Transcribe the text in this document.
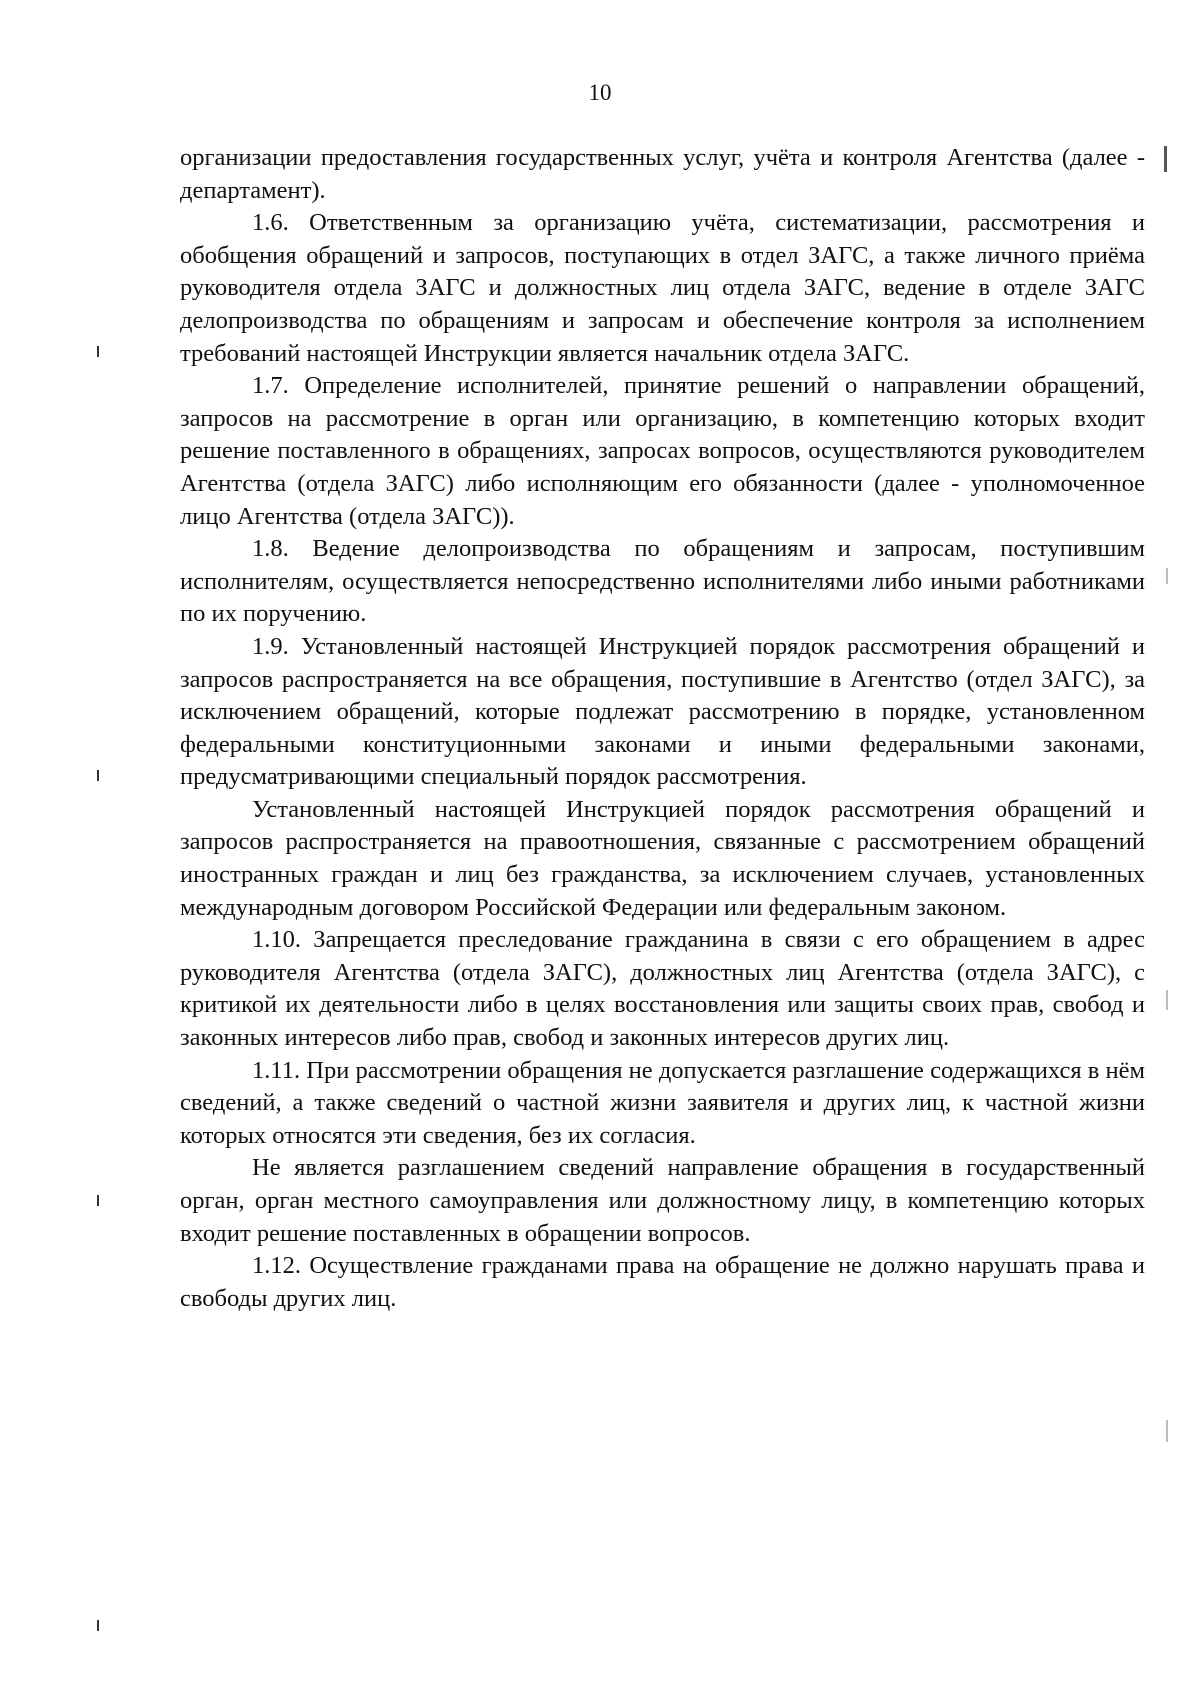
10

организации предоставления государственных услуг, учёта и контроля Агентства (далее - департамент).

1.6. Ответственным за организацию учёта, систематизации, рассмотрения и обобщения обращений и запросов, поступающих в отдел ЗАГС, а также личного приёма руководителя отдела ЗАГС и должностных лиц отдела ЗАГС, ведение в отделе ЗАГС делопроизводства по обращениям и запросам и обеспечение контроля за исполнением требований настоящей Инструкции является начальник отдела ЗАГС.

1.7. Определение исполнителей, принятие решений о направлении обращений, запросов на рассмотрение в орган или организацию, в компетенцию которых входит решение поставленного в обращениях, запросах вопросов, осуществляются руководителем Агентства (отдела ЗАГС) либо исполняющим его обязанности (далее - уполномоченное лицо Агентства (отдела ЗАГС)).

1.8. Ведение делопроизводства по обращениям и запросам, поступившим исполнителям, осуществляется непосредственно исполнителями либо иными работниками по их поручению.

1.9. Установленный настоящей Инструкцией порядок рассмотрения обращений и запросов распространяется на все обращения, поступившие в Агентство (отдел ЗАГС), за исключением обращений, которые подлежат рассмотрению в порядке, установленном федеральными конституционными законами и иными федеральными законами, предусматривающими специальный порядок рассмотрения.

Установленный настоящей Инструкцией порядок рассмотрения обращений и запросов распространяется на правоотношения, связанные с рассмотрением обращений иностранных граждан и лиц без гражданства, за исключением случаев, установленных международным договором Российской Федерации или федеральным законом.

1.10. Запрещается преследование гражданина в связи с его обращением в адрес руководителя Агентства (отдела ЗАГС), должностных лиц Агентства (отдела ЗАГС), с критикой их деятельности либо в целях восстановления или защиты своих прав, свобод и законных интересов либо прав, свобод и законных интересов других лиц.

1.11. При рассмотрении обращения не допускается разглашение содержащихся в нём сведений, а также сведений о частной жизни заявителя и других лиц, к частной жизни которых относятся эти сведения, без их согласия.

Не является разглашением сведений направление обращения в государственный орган, орган местного самоуправления или должностному лицу, в компетенцию которых входит решение поставленных в обращении вопросов.

1.12. Осуществление гражданами права на обращение не должно нарушать права и свободы других лиц.
